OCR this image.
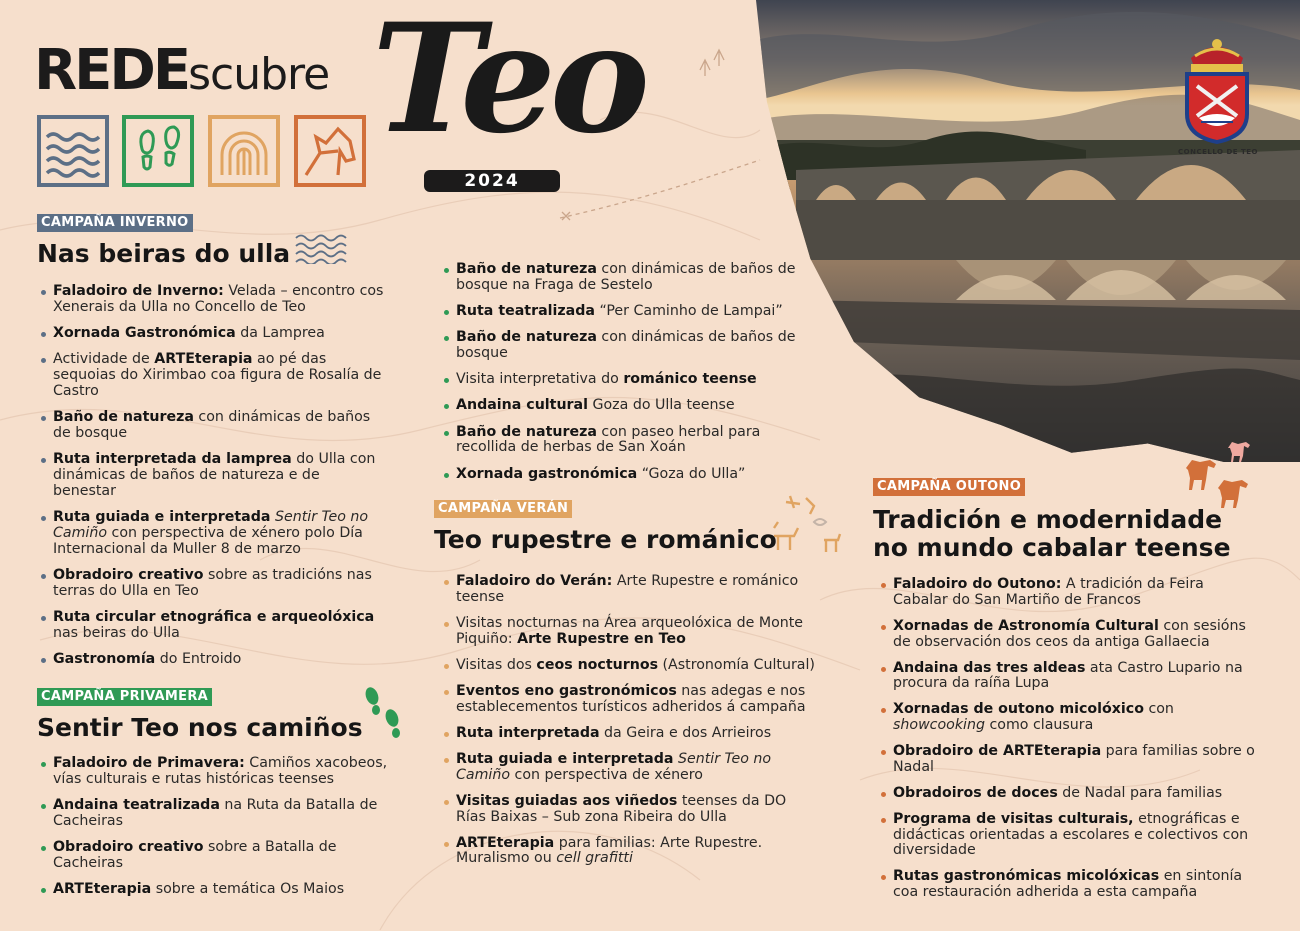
CONCELLO DE TEO
REDEscubre Teo
2024
CAMPAÑA INVERNO
Nas beiras do ulla
Faladoiro de Inverno: Velada – encontro cos Xenerais da Ulla no Concello de Teo
Xornada Gastronómica da Lamprea
Actividade de ARTEterapia ao pé das sequoias do Xirimbao coa figura de Rosalía de Castro
Baño de natureza con dinámicas de baños de bosque
Ruta interpretada da lamprea do Ulla con dinámicas de baños de natureza e de benestar
Ruta guiada e interpretada Sentir Teo no Camiño con perspectiva de xénero polo Día Internacional da Muller 8 de marzo
Obradoiro creativo sobre as tradicións nas terras do Ulla en Teo
Ruta circular etnográfica e arqueolóxica nas beiras do Ulla
Gastronomía do Entroido
CAMPAÑA PRIVAMERA
Sentir Teo nos camiños
Faladoiro de Primavera: Camiños xacobeos, vías culturais e rutas históricas teenses
Andaina teatralizada na Ruta da Batalla de Cacheiras
Obradoiro creativo sobre a Batalla de Cacheiras
ARTEterapia sobre a temática Os Maios
Baño de natureza con dinámicas de baños de bosque na Fraga de Sestelo
Ruta teatralizada “Per Caminho de Lampai”
Baño de natureza con dinámicas de baños de bosque
Visita interpretativa do románico teense
Andaina cultural Goza do Ulla teense
Baño de natureza con paseo herbal para recollida de herbas de San Xoán
Xornada gastronómica “Goza do Ulla”
CAMPAÑA VERÁN
Teo rupestre e románico
Faladoiro do Verán: Arte Rupestre e románico teense
Visitas nocturnas na Área arqueolóxica de Monte Piquiño: Arte Rupestre en Teo
Visitas dos ceos nocturnos (Astronomía Cultural)
Eventos eno gastronómicos nas adegas e nos establecementos turísticos adheridos á campaña
Ruta interpretada da Geira e dos Arrieiros
Ruta guiada e interpretada Sentir Teo no Camiño con perspectiva de xénero
Visitas guiadas aos viñedos teenses da DO Rías Baixas – Sub zona Ribeira do Ulla
ARTEterapia para familias: Arte Rupestre. Muralismo ou cell grafitti
CAMPAÑA OUTONO
Tradición e modernidade
no mundo cabalar teense
Faladoiro do Outono: A tradición da Feira Cabalar do San Martiño de Francos
Xornadas de Astronomía Cultural con sesións de observación dos ceos da antiga Gallaecia
Andaina das tres aldeas ata Castro Lupario na procura da raíña Lupa
Xornadas de outono micolóxico con showcooking como clausura
Obradoiro de ARTEterapia para familias sobre o Nadal
Obradoiros de doces de Nadal para familias
Programa de visitas culturais, etnográficas e didácticas orientadas a escolares e colectivos con diversidade
Rutas gastronómicas micolóxicas en sintonía coa restauración adherida a esta campaña
